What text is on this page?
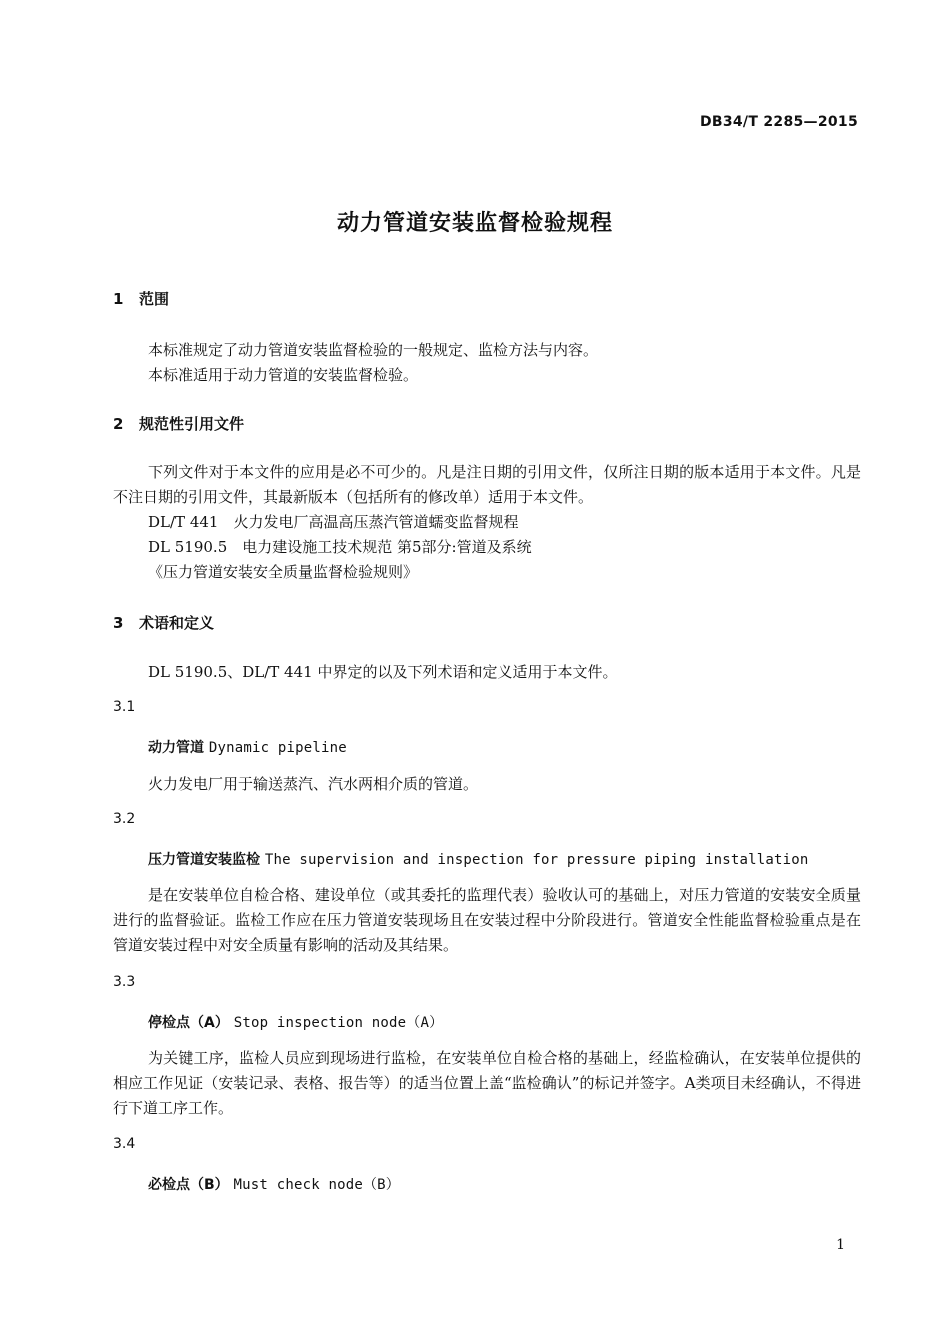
DB34/T 2285—2015
动力管道安装监督检验规程
1 范围
本标准规定了动力管道安装监督检验的一般规定、监检方法与内容。
本标准适用于动力管道的安装监督检验。
2 规范性引用文件
下列文件对于本文件的应用是必不可少的。凡是注日期的引用文件，仅所注日期的版本适用于本文件。凡是不注日期的引用文件，其最新版本（包括所有的修改单）适用于本文件。
DL/T 441　火力发电厂高温高压蒸汽管道蠕变监督规程
DL 5190.5　电力建设施工技术规范 第5部分:管道及系统
《压力管道安装安全质量监督检验规则》
3 术语和定义
DL 5190.5、DL/T 441 中界定的以及下列术语和定义适用于本文件。
3.1
动力管道 Dynamic pipeline
火力发电厂用于输送蒸汽、汽水两相介质的管道。
3.2
压力管道安装监检 The supervision and inspection for pressure piping installation
是在安装单位自检合格、建设单位（或其委托的监理代表）验收认可的基础上，对压力管道的安装安全质量进行的监督验证。监检工作应在压力管道安装现场且在安装过程中分阶段进行。管道安全性能监督检验重点是在管道安装过程中对安全质量有影响的活动及其结果。
3.3
停检点（A） Stop inspection node（A）
为关键工序，监检人员应到现场进行监检，在安装单位自检合格的基础上，经监检确认，在安装单位提供的相应工作见证（安装记录、表格、报告等）的适当位置上盖“监检确认”的标记并签字。A类项目未经确认，不得进行下道工序工作。
3.4
必检点（B） Must check node（B）
1
